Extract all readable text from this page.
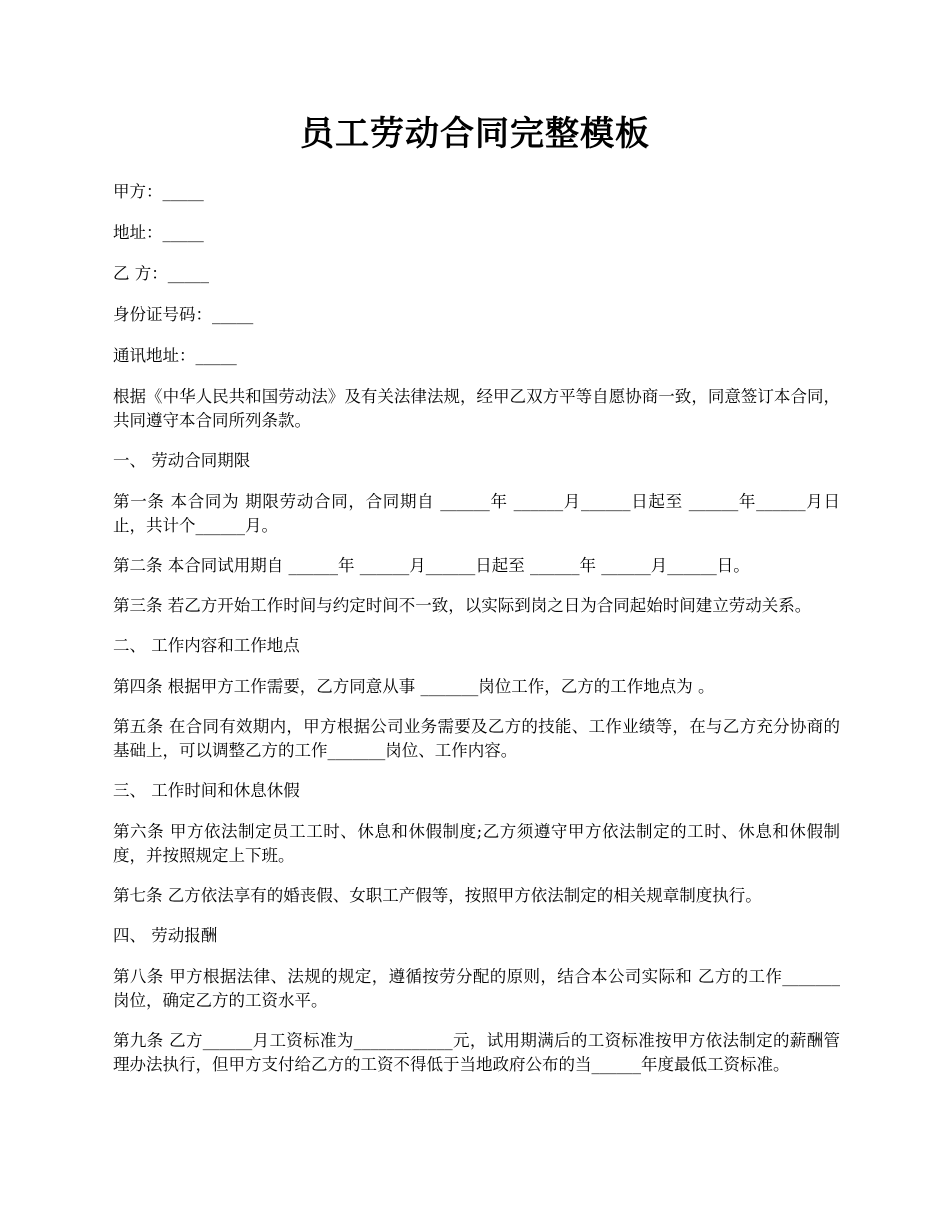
员工劳动合同完整模板
甲方：_____
地址：_____
乙 方：_____
身份证号码：_____
通讯地址：_____
根据《中华人民共和国劳动法》及有关法律法规，经甲乙双方平等自愿协商一致，同意签订本合同，共同遵守本合同所列条款。
一、 劳动合同期限
第一条 本合同为 期限劳动合同，合同期自 ______年 ______月______日起至 ______年______月日止，共计个______月。
第二条 本合同试用期自 ______年 ______月______日起至 ______年 ______月______日。
第三条 若乙方开始工作时间与约定时间不一致，以实际到岗之日为合同起始时间建立劳动关系。
二、 工作内容和工作地点
第四条 根据甲方工作需要，乙方同意从事 _______岗位工作，乙方的工作地点为 。
第五条 在合同有效期内，甲方根据公司业务需要及乙方的技能、工作业绩等，在与乙方充分协商的基础上，可以调整乙方的工作_______岗位、工作内容。
三、 工作时间和休息休假
第六条 甲方依法制定员工工时、休息和休假制度;乙方须遵守甲方依法制定的工时、休息和休假制度，并按照规定上下班。
第七条 乙方依法享有的婚丧假、女职工产假等，按照甲方依法制定的相关规章制度执行。
四、 劳动报酬
第八条 甲方根据法律、法规的规定，遵循按劳分配的原则，结合本公司实际和 乙方的工作_______岗位，确定乙方的工资水平。
第九条 乙方______月工资标准为____________元，试用期满后的工资标准按甲方依法制定的薪酬管理办法执行，但甲方支付给乙方的工资不得低于当地政府公布的当______年度最低工资标准。
